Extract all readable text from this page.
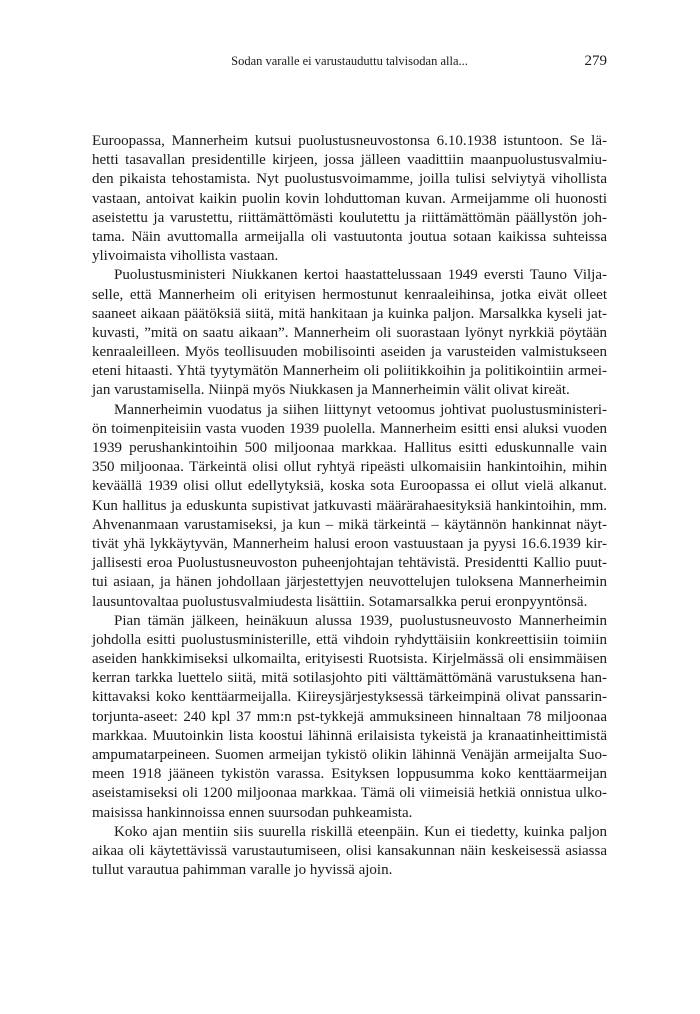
Sodan varalle ei varustauduttu talvisodan alla...	279
Euroopassa, Mannerheim kutsui puolustusneuvostonsa 6.10.1938 istuntoon. Se lä-
hetti tasavallan presidentille kirjeen, jossa jälleen vaadittiin maanpuolustusvalmiu-
den pikaista tehostamista. Nyt puolustusvoimamme, joilla tulisi selviytyä vihollista
vastaan, antoivat kaikin puolin kovin lohduttoman kuvan. Armeijamme oli huonosti
aseistettu ja varustettu, riittämättömästi koulutettu ja riittämättömän päällystön joh-
tama. Näin avuttomalla armeijalla oli vastuutonta joutua sotaan kaikissa suhteissa
ylivoimaista vihollista vastaan.
Puolustusministeri Niukkanen kertoi haastattelussaan 1949 eversti Tauno Vilja-
selle, että Mannerheim oli erityisen hermostunut kenraaleihinsa, jotka eivät olleet
saaneet aikaan päätöksiä siitä, mitä hankitaan ja kuinka paljon. Marsalkka kyseli jat-
kuvasti, ”mitä on saatu aikaan”. Mannerheim oli suorastaan lyönyt nyrkkiä pöytään
kenraaleilleen. Myös teollisuuden mobilisointi aseiden ja varusteiden valmistukseen
eteni hitaasti. Yhtä tyytymätön Mannerheim oli poliitikkoihin ja politikointiin armei-
jan varustamisella. Niinpä myös Niukkasen ja Mannerheimin välit olivat kireät.
Mannerheimin vuodatus ja siihen liittynyt vetoomus johtivat puolustusministeri-
ön toimenpiteisiin vasta vuoden 1939 puolella. Mannerheim esitti ensi aluksi vuoden
1939 perushankintoihin 500 miljoonaa markkaa. Hallitus esitti eduskunnalle vain
350 miljoonaa. Tärkeintä olisi ollut ryhtyä ripeästi ulkomaisiin hankintoihin, mihin
keväällä 1939 olisi ollut edellytyksiä, koska sota Euroopassa ei ollut vielä alkanut.
Kun hallitus ja eduskunta supistivat jatkuvasti määrärahaesityksiä hankintoihin, mm.
Ahvenanmaan varustamiseksi, ja kun – mikä tärkeintä – käytännön hankinnat näyt-
tivät yhä lykkäytyvän, Mannerheim halusi eroon vastuustaan ja pyysi 16.6.1939 kir-
jallisesti eroa Puolustusneuvoston puheenjohtajan tehtävistä. Presidentti Kallio puut-
tui asiaan, ja hänen johdollaan järjestettyjen neuvottelujen tuloksena Mannerheimin
lausuntovaltaa puolustusvalmiudesta lisättiin. Sotamarsalkka perui eronpyyntönsä.
Pian tämän jälkeen, heinäkuun alussa 1939, puolustusneuvosto Mannerheimin
johdolla esitti puolustusministerille, että vihdoin ryhdyttäisiin konkreettisiin toimiin
aseiden hankkimiseksi ulkomailta, erityisesti Ruotsista. Kirjelmässä oli ensimmäisen
kerran tarkka luettelo siitä, mitä sotilasjohto piti välttämättömänä varustuksena han-
kittavaksi koko kenttäarmeijalla. Kiireysjärjestyksessä tärkeimpinä olivat panssarin-
torjunta-aseet: 240 kpl 37 mm:n pst-tykkejä ammuksineen hinnaltaan 78 miljoonaa
markkaa. Muutoinkin lista koostui lähinnä erilaisista tykeistä ja kranaatinheittimistä
ampumatarpeineen. Suomen armeijan tykistö olikin lähinnä Venäjän armeijalta Suo-
meen 1918 jääneen tykistön varassa. Esityksen loppusumma koko kenttäarmeijan
aseistamiseksi oli 1200 miljoonaa markkaa. Tämä oli viimeisiä hetkiä onnistua ulko-
maisissa hankinnoissa ennen suursodan puhkeamista.
Koko ajan mentiin siis suurella riskillä eteenpäin. Kun ei tiedetty, kuinka paljon
aikaa oli käytettävissä varustautumiseen, olisi kansakunnan näin keskeisessä asiassa
tullut varautua pahimman varalle jo hyvissä ajoin.
